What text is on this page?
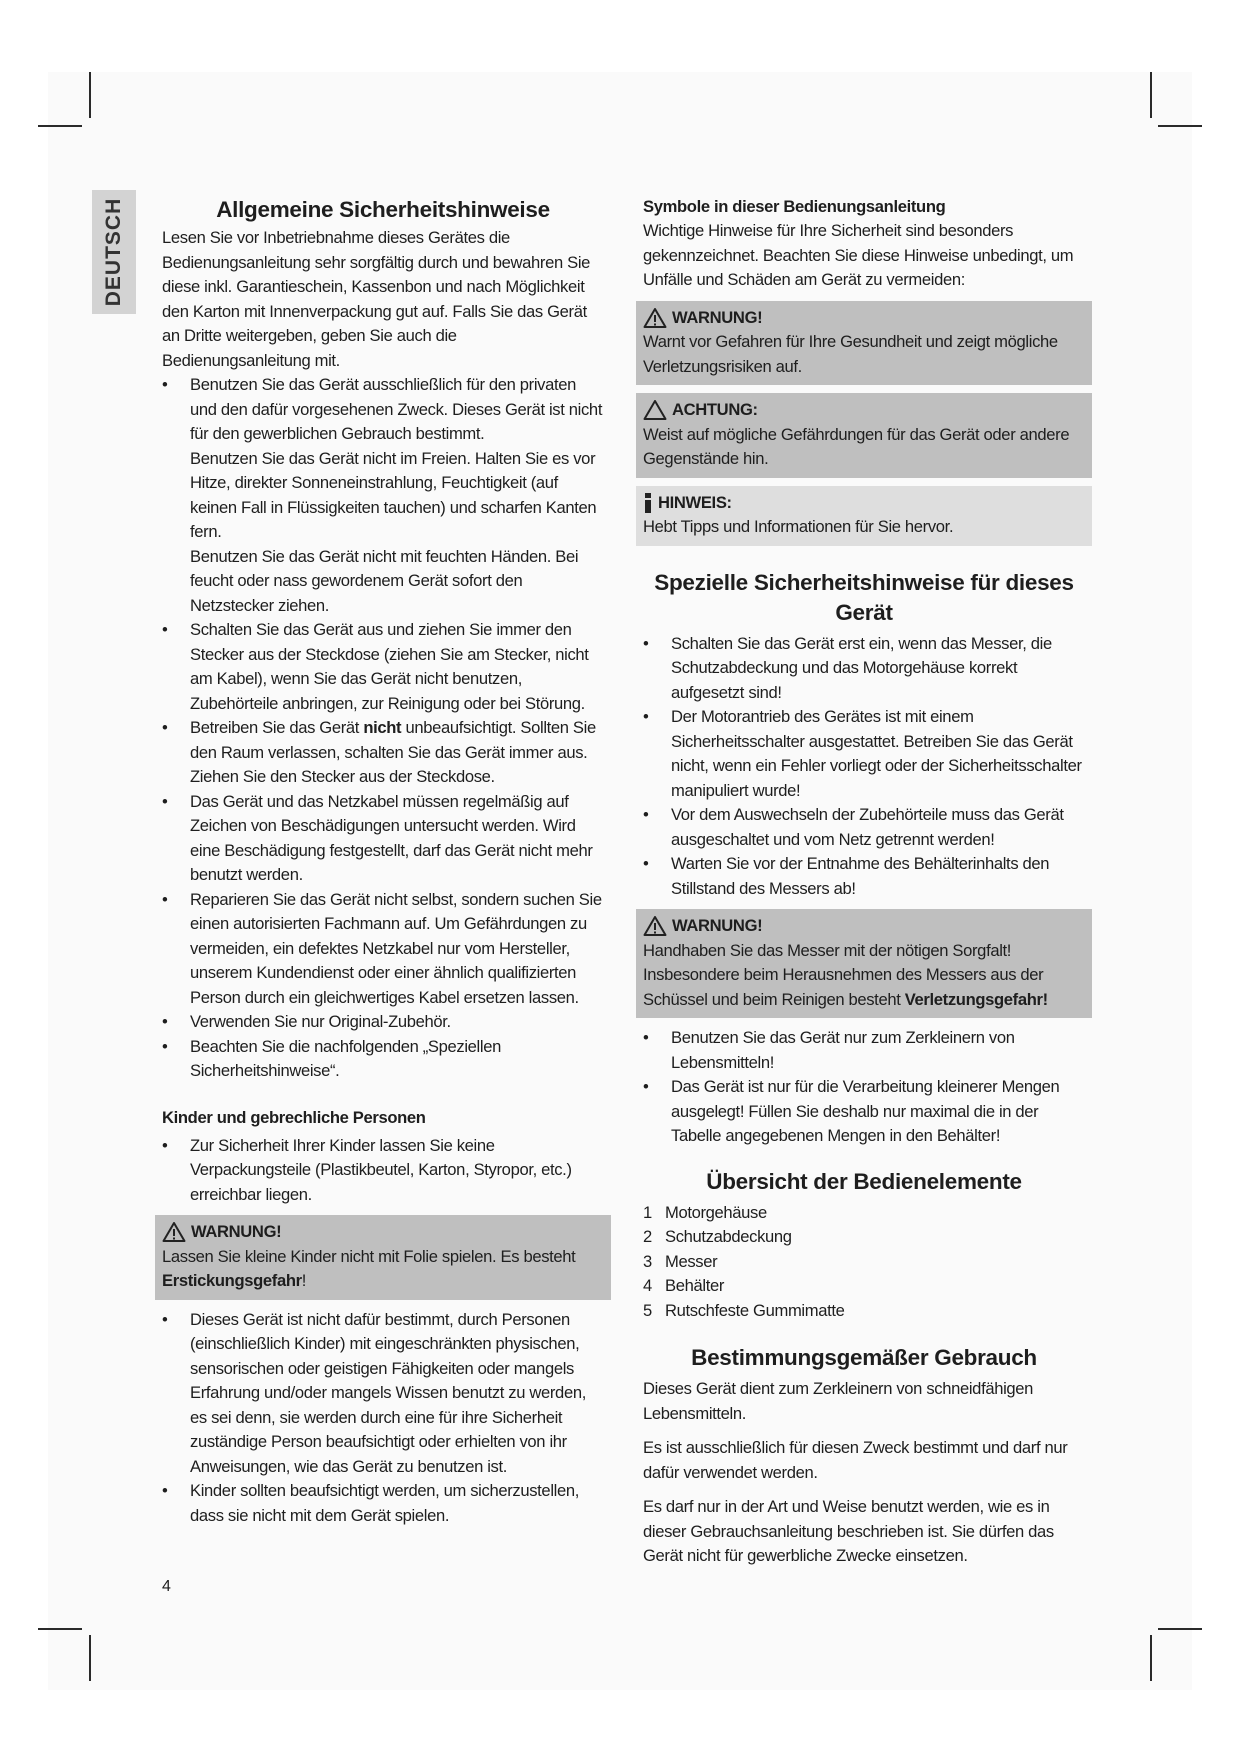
DEUTSCH	Allgemeine Sicherheitshinweise

Lesen Sie vor Inbetriebnahme dieses Gerätes die Bedienungsanleitung sehr sorgfältig durch und bewahren Sie diese inkl. Garantieschein, Kassenbon und nach Möglichkeit den Karton mit Innenverpackung gut auf. Falls Sie das Gerät an Dritte weitergeben, geben Sie auch die Bedienungsanleitung mit.

• Benutzen Sie das Gerät ausschließlich für den privaten und den dafür vorgesehenen Zweck. Dieses Gerät ist nicht für den gewerblichen Gebrauch bestimmt.
Benutzen Sie das Gerät nicht im Freien. Halten Sie es vor Hitze, direkter Sonneneinstrahlung, Feuchtigkeit (auf keinen Fall in Flüssigkeiten tauchen) und scharfen Kanten fern.
Benutzen Sie das Gerät nicht mit feuchten Händen. Bei feucht oder nass gewordenem Gerät sofort den Netzstecker ziehen.
• Schalten Sie das Gerät aus und ziehen Sie immer den Stecker aus der Steckdose (ziehen Sie am Stecker, nicht am Kabel), wenn Sie das Gerät nicht benutzen, Zubehörteile anbringen, zur Reinigung oder bei Störung.
• Betreiben Sie das Gerät nicht unbeaufsichtigt. Sollten Sie den Raum verlassen, schalten Sie das Gerät immer aus. Ziehen Sie den Stecker aus der Steckdose.
• Das Gerät und das Netzkabel müssen regelmäßig auf Zeichen von Beschädigungen untersucht werden. Wird eine Beschädigung festgestellt, darf das Gerät nicht mehr benutzt werden.
• Reparieren Sie das Gerät nicht selbst, sondern suchen Sie einen autorisierten Fachmann auf. Um Gefährdungen zu vermeiden, ein defektes Netzkabel nur vom Hersteller, unserem Kundendienst oder einer ähnlich qualifizierten Person durch ein gleichwertiges Kabel ersetzen lassen.
• Verwenden Sie nur Original-Zubehör.
• Beachten Sie die nachfolgenden „Speziellen Sicherheitshinweise“.
Kinder und gebrechliche Personen
• Zur Sicherheit Ihrer Kinder lassen Sie keine Verpackungsteile (Plastikbeutel, Karton, Styropor, etc.) erreichbar liegen.
WARNUNG!
Lassen Sie kleine Kinder nicht mit Folie spielen. Es besteht Erstickungsgefahr!
• Dieses Gerät ist nicht dafür bestimmt, durch Personen (einschließlich Kinder) mit eingeschränkten physischen, sensorischen oder geistigen Fähigkeiten oder mangels Erfahrung und/oder mangels Wissen benutzt zu werden, es sei denn, sie werden durch eine für ihre Sicherheit zuständige Person beaufsichtigt oder erhielten von ihr Anweisungen, wie das Gerät zu benutzen ist.
• Kinder sollten beaufsichtigt werden, um sicherzustellen, dass sie nicht mit dem Gerät spielen.
Symbole in dieser Bedienungsanleitung

Wichtige Hinweise für Ihre Sicherheit sind besonders gekennzeichnet. Beachten Sie diese Hinweise unbedingt, um Unfälle und Schäden am Gerät zu vermeiden:

WARNUNG!
Warnt vor Gefahren für Ihre Gesundheit und zeigt mögliche Verletzungsrisiken auf.
ACHTUNG:
Weist auf mögliche Gefährdungen für das Gerät oder andere Gegenstände hin.
HINWEIS:
Hebt Tipps und Informationen für Sie hervor.
Spezielle Sicherheitshinweise für dieses Gerät
• Schalten Sie das Gerät erst ein, wenn das Messer, die Schutzabdeckung und das Motorgehäuse korrekt aufgesetzt sind!
• Der Motorantrieb des Gerätes ist mit einem Sicherheitsschalter ausgestattet. Betreiben Sie das Gerät nicht, wenn ein Fehler vorliegt oder der Sicherheitsschalter manipuliert wurde!
• Vor dem Auswechseln der Zubehörteile muss das Gerät ausgeschaltet und vom Netz getrennt werden!
• Warten Sie vor der Entnahme des Behälterinhalts den Stillstand des Messers ab!
WARNUNG!
Handhaben Sie das Messer mit der nötigen Sorgfalt! Insbesondere beim Herausnehmen des Messers aus der Schüssel und beim Reinigen besteht Verletzungsgefahr!
• Benutzen Sie das Gerät nur zum Zerkleinern von Lebensmitteln!
• Das Gerät ist nur für die Verarbeitung kleinerer Mengen ausgelegt! Füllen Sie deshalb nur maximal die in der Tabelle angegebenen Mengen in den Behälter!
Übersicht der Bedienelemente
1 Motorgehäuse
2 Schutzabdeckung
3 Messer
4 Behälter
5 Rutschfeste Gummimatte
Bestimmungsgemäßer Gebrauch

Dieses Gerät dient zum Zerkleinern von schneidfähigen Lebensmitteln.

Es ist ausschließlich für diesen Zweck bestimmt und darf nur dafür verwendet werden.

Es darf nur in der Art und Weise benutzt werden, wie es in dieser Gebrauchsanleitung beschrieben ist. Sie dürfen das Gerät nicht für gewerbliche Zwecke einsetzen.

4
